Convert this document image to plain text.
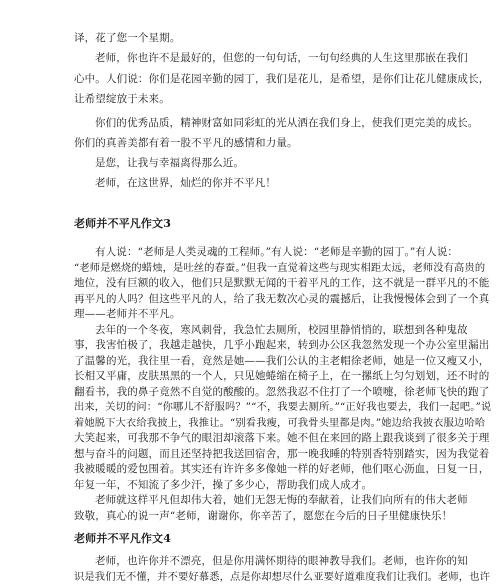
译，花了您一个星期。
老师，你也许不是最好的，但您的一句句话，一句句经典的人生这里那嵌在我们
心中。人们说：你们是花园辛勤的园丁，我们是花儿，是希望，是你们让花儿健康成长，
让希望绽放于未来。
你们的优秀品质，精神财富如同彩虹的光从洒在我们身上，使我们更完美的成长。
你们的真善美都有着一股不平凡的感情和力量。
是您，让我与幸福离得那么近。
老师，在这世界，灿烂的你并不平凡！
老师并不平凡作文3
有人说：“老师是人类灵魂的工程师。”有人说：“老师是辛勤的园丁。”有人说：
“老师是燃烧的蜡烛，是吐丝的春蚕。”但我一直觉着这些与现实相距太远，老师没有高贵的
地位，没有巨额的收入，他们只是默默无闻的干着平凡的工作，这不就是一群平凡的不能
再平凡的人吗？但这些平凡的人，给了我无数次心灵的震撼后，让我慢慢体会到了一个真
理——老师并不平凡。
去年的一个冬夜，寒风刺骨，我急忙去厕所，校园里静悄悄的，联想到各种鬼故
事，我害怕极了，我越走越快，几乎小跑起来，转到办公区我忽然发现一个办公室里漏出
了温馨的光，我往里一看，竟然是她——我们公认的主老帽徐老师，她是一位又瘦又小，
长相又平庸，皮肤黑黑的一个人，只见她蜷缩在椅子上，在一摞纸上匀匀划划，还不时的
翻看书，我的鼻子竟然不自觉的酸酸的。忽然我忍不住打了一个喷嚏，徐老师飞快的跑了
出来，关切的问：“你哪儿不舒服吗？”“不，我要去厕所。”“正好我也要去，我们一起吧。”说
着她脱下大衣给我披上，我推让。“别看我瘦，可我骨头里都是肉。”她边给我披衣服边哈哈
大笑起来，可我那不争气的眼泪却滚落下来。她不但在来回的路上跟我谈到了很多关于理
想与奋斗的问题，而且还坚持把我送回宿舍，那一晚我睡的特别香特别踏实，因为我觉着
我被暖暖的爱包围着。其实还有许许多多像她一样的好老师，他们呕心沥血，日复一日，
年复一年，不知流了多少汗，操了多少心，帮助我们成人成才。
老师就这样平凡但却伟大着，她们无怨无悔的奉献着，让我们向所有的伟大老师
致敬，真心的说一声“老师，谢谢你，你辛苦了，愿您在今后的日子里健康快乐！
老师并不平凡作文4
老师，也许你并不漂亮，但是你用满怀期待的眼神教导我们。老师，也许你的知
识是我们无不懂，并不要好慕悉，点是你却想尽什么亚要好道难度我们让我们。老师，也许
